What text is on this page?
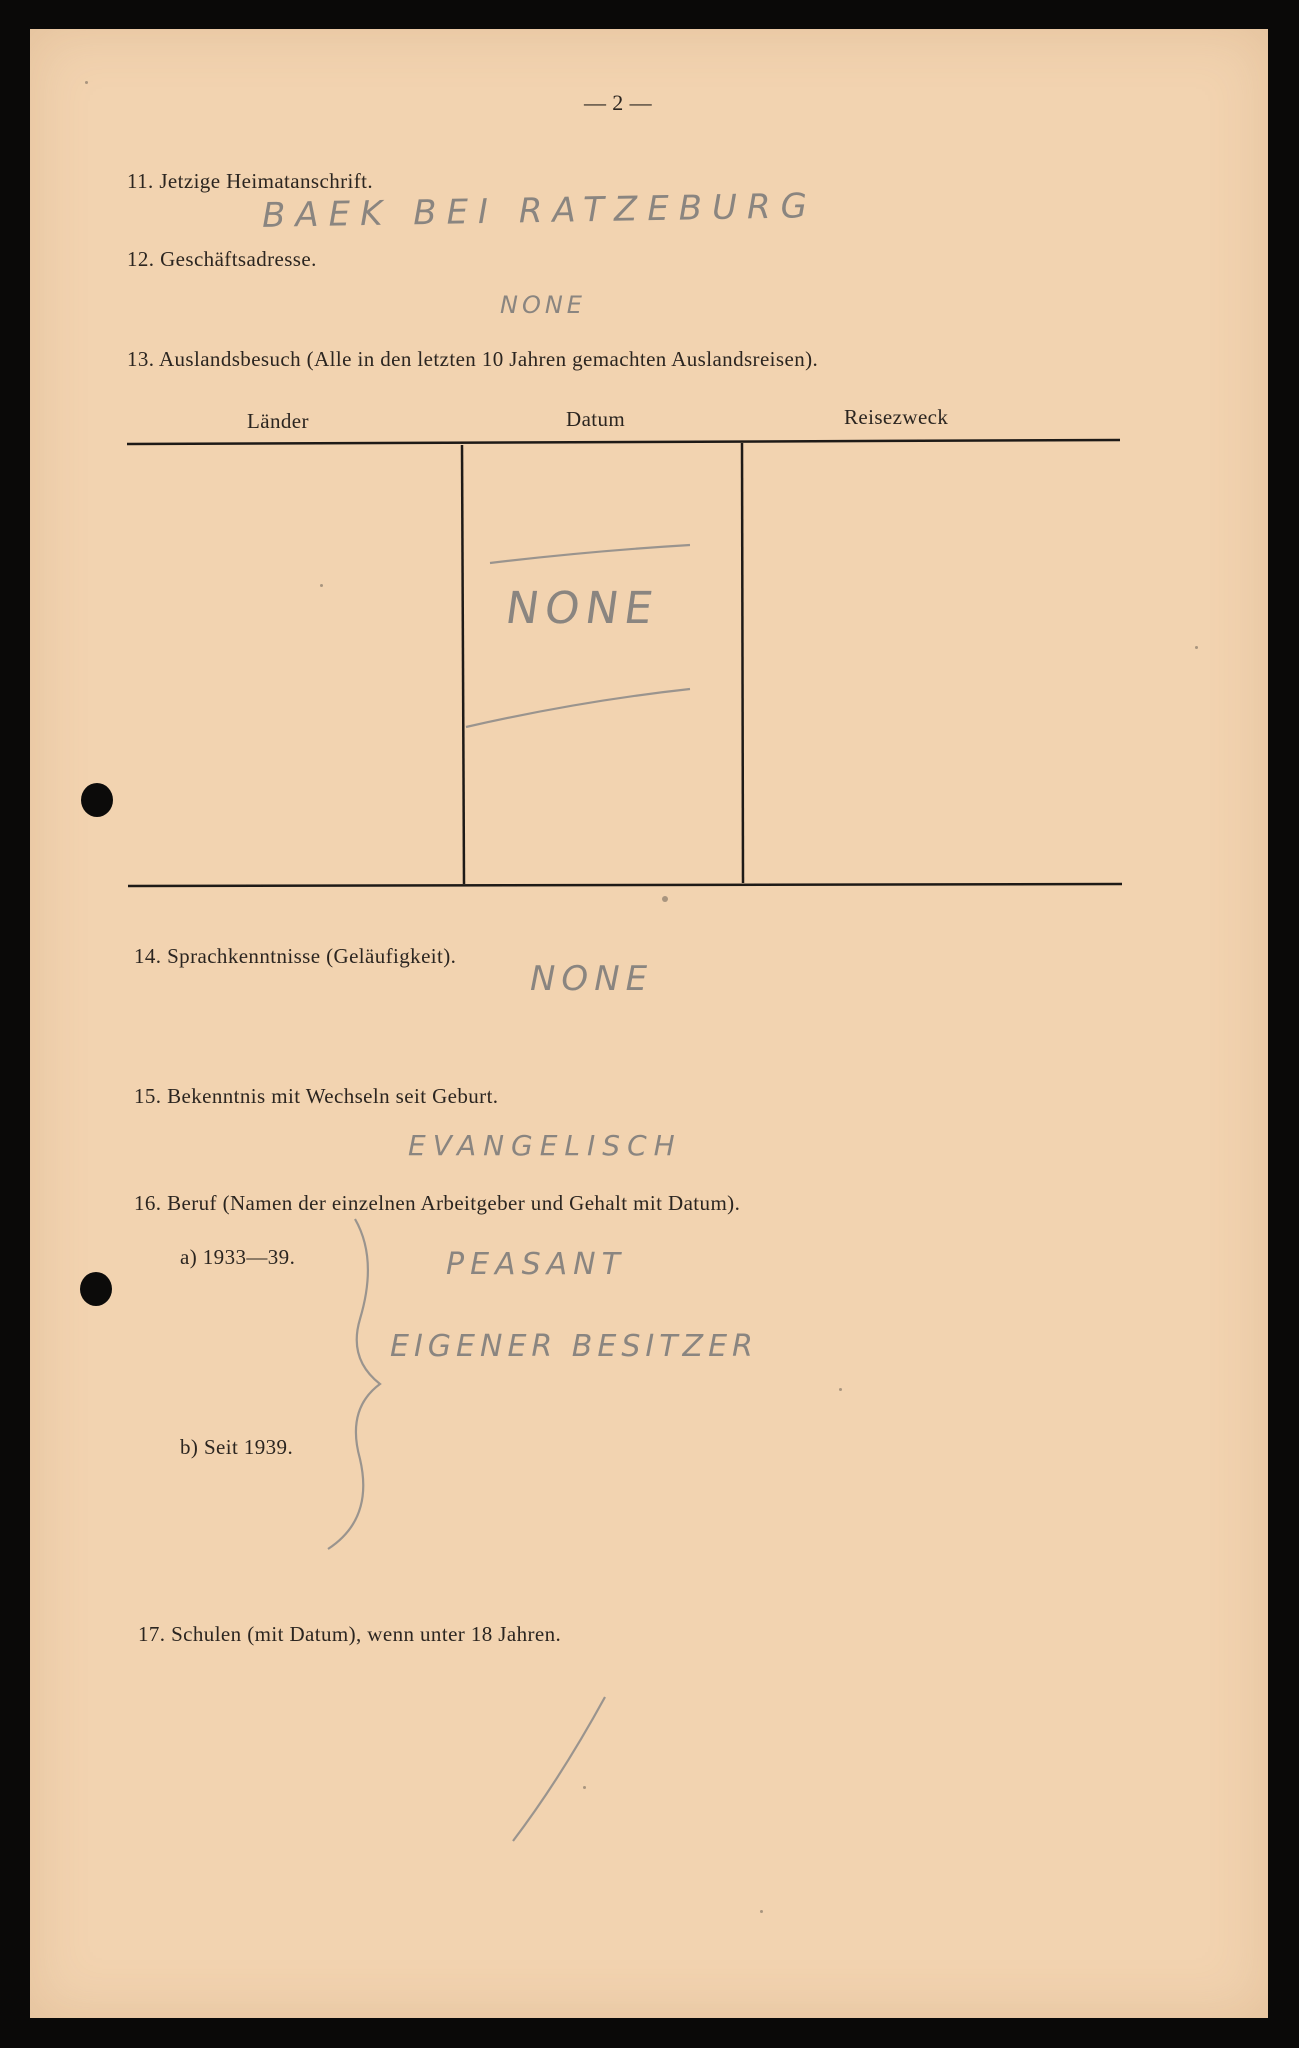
— 2 —
11. Jetzige Heimatanschrift.
BAEK BEI RATZEBURG
12. Geschäftsadresse.
NONE
13. Auslandsbesuch (Alle in den letzten 10 Jahren gemachten Auslandsreisen).
Länder	Datum	Reisezweck
NONE
14. Sprachkenntnisse (Geläufigkeit).
NONE
15. Bekenntnis mit Wechseln seit Geburt.
EVANGELISCH
16. Beruf (Namen der einzelnen Arbeitgeber und Gehalt mit Datum).
a) 1933—39.
b) Seit 1939.
PEASANT
EIGENER BESITZER
17. Schulen (mit Datum), wenn unter 18 Jahren.
